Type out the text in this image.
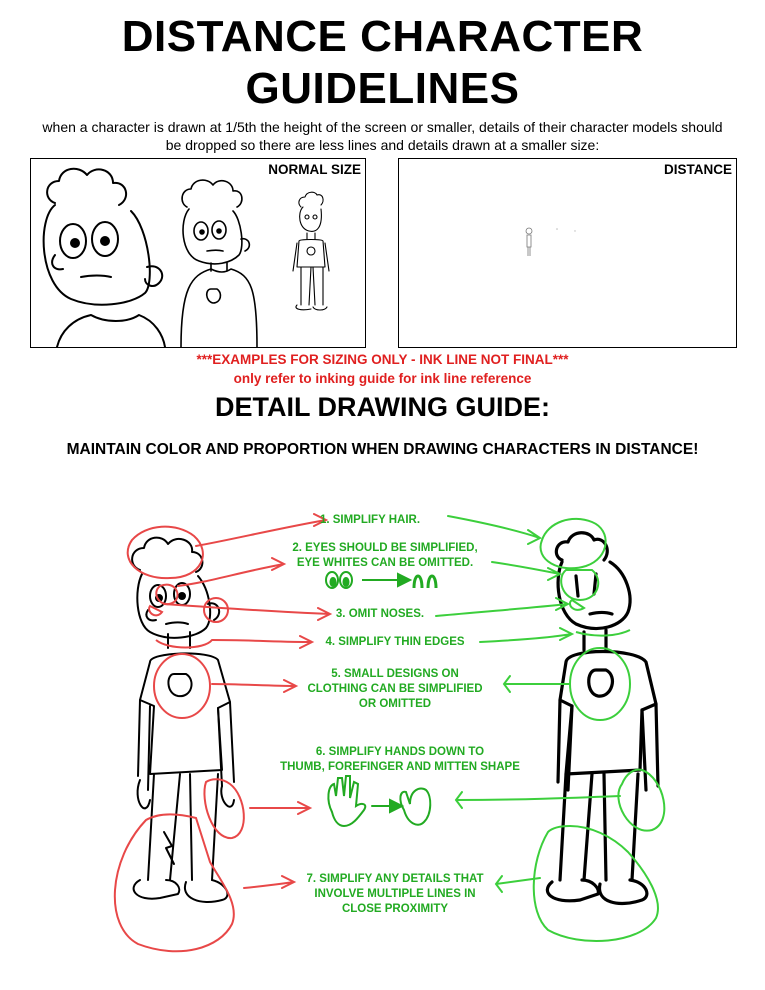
DISTANCE CHARACTER
GUIDELINES
when a character is drawn at 1/5th the height of the screen or smaller, details of their character models should
be dropped so there are less lines and details drawn at a smaller size:
NORMAL SIZE	DISTANCE
***EXAMPLES FOR SIZING ONLY - INK LINE NOT FINAL***
only refer to inking guide for ink line reference
DETAIL DRAWING GUIDE:
MAINTAIN COLOR AND PROPORTION WHEN DRAWING CHARACTERS IN DISTANCE!
1. SIMPLIFY HAIR.
2. EYES SHOULD BE SIMPLIFIED,
EYE WHITES CAN BE OMITTED.
3. OMIT NOSES.
4. SIMPLIFY THIN EDGES
5. SMALL DESIGNS ON
CLOTHING CAN BE SIMPLIFIED
OR OMITTED
6. SIMPLIFY HANDS DOWN TO
THUMB, FOREFINGER AND MITTEN SHAPE
7. SIMPLIFY ANY DETAILS THAT
INVOLVE MULTIPLE LINES IN
CLOSE PROXIMITY
